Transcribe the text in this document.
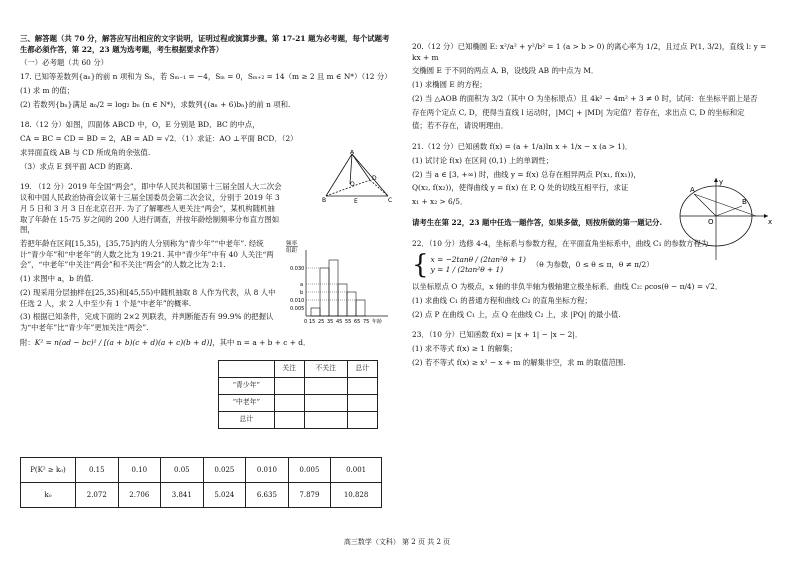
三、解答题（共 70 分，解答应写出相应的文字说明，证明过程或演算步骤。第 17-21 题为必考题，每个试题考生都必须作答，第 22，23 题为选考题，考生根据要求作答）

（一）必考题（共 60 分）

17. 已知等差数列{aₙ}的前 n 项和为 Sₙ，若 Sₘ₋₁ = −4，Sₘ = 0，Sₘ₊₂ = 14（m ≥ 2 且 m ∈ N*）（12 分）

(1) 求 m 的值；

(2) 若数列{bₙ}满足 aₙ/2 = log₂ bₙ (n ∈ N*)，求数列{(aₙ + 6)bₙ}的前 n 项和.

18.（12 分）如图，四面体 ABCD 中，O，E 分别是 BD、BC 的中点，

CA = BC = CD = BD = 2，AB = AD = √2．（1）求证：AO ⊥平面 BCD．（2）

求异面直线 AB 与 CD 所成角的余弦值.

（3）求点 E 到平面 ACD 的距离.

19. （12 分）2019 年全国“两会”，即中华人民共和国第十三届全国人大二次会议和中国人民政治协商会议第十三届全国委员会第二次会议，分别于 2019 年 3 月 5 日和 3 月 3 日在北京召开. 为了了解哪些人更关注“两会”，某机构随机抽取了年龄在 15-75 岁之间的 200 人进行调查，并按年龄绘制频率分布直方图如图，

若把年龄在区间[15,35)，[35,75]内的人分别称为“青少年”“中老年”. 经统计“青少年”和“中老年”的人数之比为 19:21. 其中“青少年”中有 40 人关注“两会”，“中老年”中关注“两会”和不关注“两会”的人数之比为 2:1.

(1) 求图中 a，b 的值.

(2) 现采用分层抽样在[25,35)和[45,55)中随机抽取 8 人作为代表，从 8 人中任选 2 人，求 2 人中至少有 1 个是“中老年”的概率.

(3) 根据已知条件，完成下面的 2×2 列联表，并判断能否有 99.9% 的把握认为“中老年”比“青少年”更加关注“两会”.

附：K² = n(ad − bc)² / [(a + b)(c + d)(a + c)(b + d)]，其中 n = a + b + c + d．

	关注	不关注	总计
“青少年”			
“中老年”			
总计			
P(K² ≥ k₀)	0.15	0.10	0.05	0.025	0.010	0.005	0.001
k₀	2.072	2.706	3.841	5.024	6.635	7.879	10.828
A
B	C
D
E
O
频率
组距
0.030
a
b
0.010
0.005
0 15 25 35 45 55 65 75 年龄

20.（12 分）已知椭圆 E: x²/a² + y²/b² = 1 (a > b > 0) 的离心率为 1/2，且过点 P(1, 3/2)，直线 l: y = kx + m

交椭圆 E 于不同的两点 A, B，设线段 AB 的中点为 M．

(1) 求椭圆 E 的方程；

(2) 当 △AOB 的面积为 3/2（其中 O 为坐标原点）且 4k² − 4m² + 3 ≠ 0 时，试问：在坐标平面上是否

存在两个定点 C, D，使得当直线 l 运动时，|MC| + |MD| 为定值？若存在，求出点 C, D 的坐标和定

值；若不存在，请说明理由．

21.（12 分）已知函数 f(x) = (a + 1/a)ln x + 1/x − x (a > 1)．

(1) 试讨论 f(x) 在区间 (0,1) 上的单调性；

(2) 当 a ∈ [3, +∞) 时，曲线 y = f(x) 总存在相异两点 P(x₁, f(x₁))，

Q(x₂, f(x₂))，使得曲线 y = f(x) 在 P, Q 处的切线互相平行，求证

x₁ + x₂ > 6/5．

请考生在第 22，23 题中任选一题作答，如果多做，则按所做的第一题记分.

22．（10 分）选修 4-4，坐标系与参数方程，在平面直角坐标系中，曲线 C₁ 的参数方程为

{ x = −2tanθ / (2tan²θ + 1)

y = 1 / (2tan²θ + 1)

（θ 为参数，0 ≤ θ ≤ π，θ ≠ π/2）

以坐标原点 O 为极点，x 轴的非负半轴为极轴建立极坐标系．曲线 C₂: ρcos(θ − π/4) = √2．

(1) 求曲线 C₁ 的普通方程和曲线 C₂ 的直角坐标方程；

(2) 点 P 在曲线 C₁ 上，点 Q 在曲线 C₂ 上，求 |PQ| 的最小值.

23．（10 分）已知函数 f(x) = |x + 1| − |x − 2|．

(1) 求不等式 f(x) ≥ 1 的解集；

(2) 若不等式 f(x) ≥ x² − x + m 的解集非空，求 m 的取值范围.

A
B
O	x
y
高三数学（文科） 第 2 页 共 2 页
